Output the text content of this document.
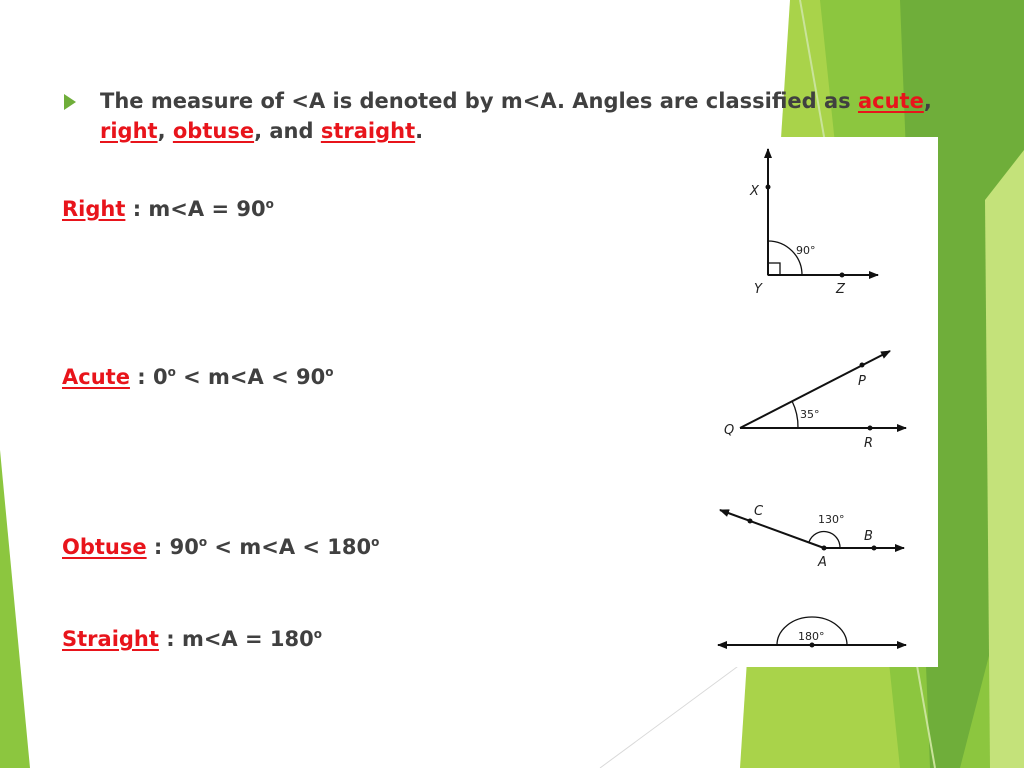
The measure of <A is denoted by m<A. Angles are classified as acute,
right, obtuse, and straight.
Right : $m<A = 90^o$
Acute : $0^o < m<A < 90^o$
Obtuse : $90^o < m<A < 180^o$
Straight : $m<A = 180^o$
X
Y	Z
90°
Q
P
R
35°
C
A
B
130°
180°
